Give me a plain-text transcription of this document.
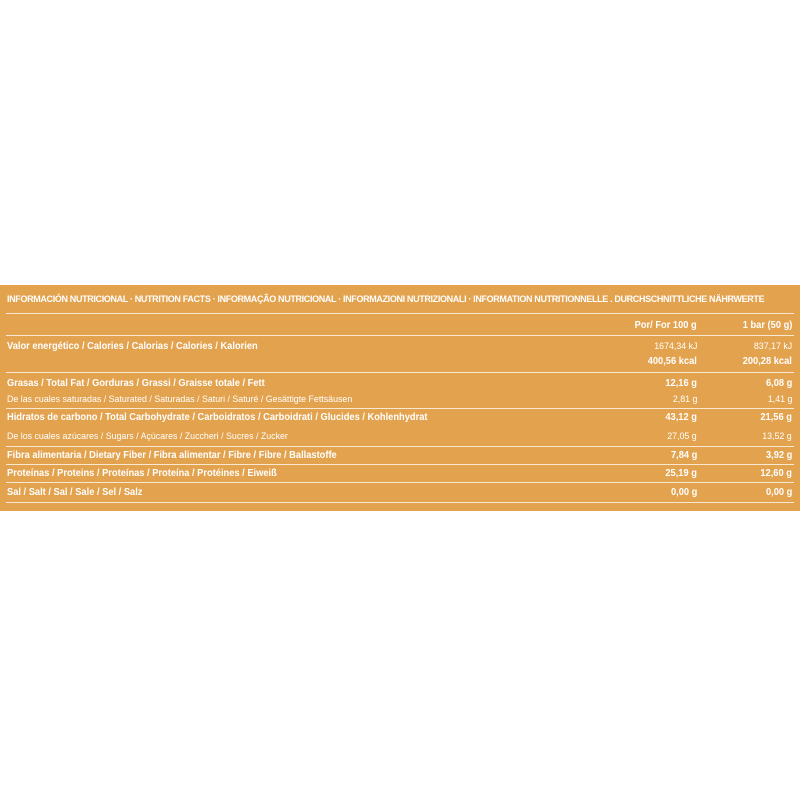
INFORMACIÓN NUTRICIONAL · NUTRITION FACTS · INFORMAÇÃO NUTRICIONAL · INFORMAZIONI NUTRIZIONALI · INFORMATION NUTRITIONNELLE . DURCHSCHNITTLICHE NÄHRWERTE
Por/ For 100 g	1 bar (50 g)
Valor energético / Calories / Calorias / Calories / Kalorien	1674,34 kJ	837,17 kJ
400,56 kcal	200,28 kcal
Grasas / Total Fat / Gorduras / Grassi / Graisse totale / Fett	12,16 g	6,08 g
De las cuales saturadas / Saturated / Saturadas / Saturi / Saturé / Gesättigte Fettsäusen	2,81 g	1,41 g
Hidratos de carbono / Total Carbohydrate / Carboidratos / Carboidrati / Glucides / Kohlenhydrat	43,12 g	21,56 g
De los cuales azúcares / Sugars / Açúcares / Zuccheri / Sucres / Zucker	27,05 g	13,52 g
Fibra alimentaria / Dietary Fiber / Fibra alimentar / Fibre / Fibre / Ballastoffe	7,84 g	3,92 g
Proteínas / Proteins / Proteínas / Proteína / Protéines / Eiweiß	25,19 g	12,60 g
Sal / Salt / Sal / Sale / Sel / Salz	0,00 g	0,00 g
